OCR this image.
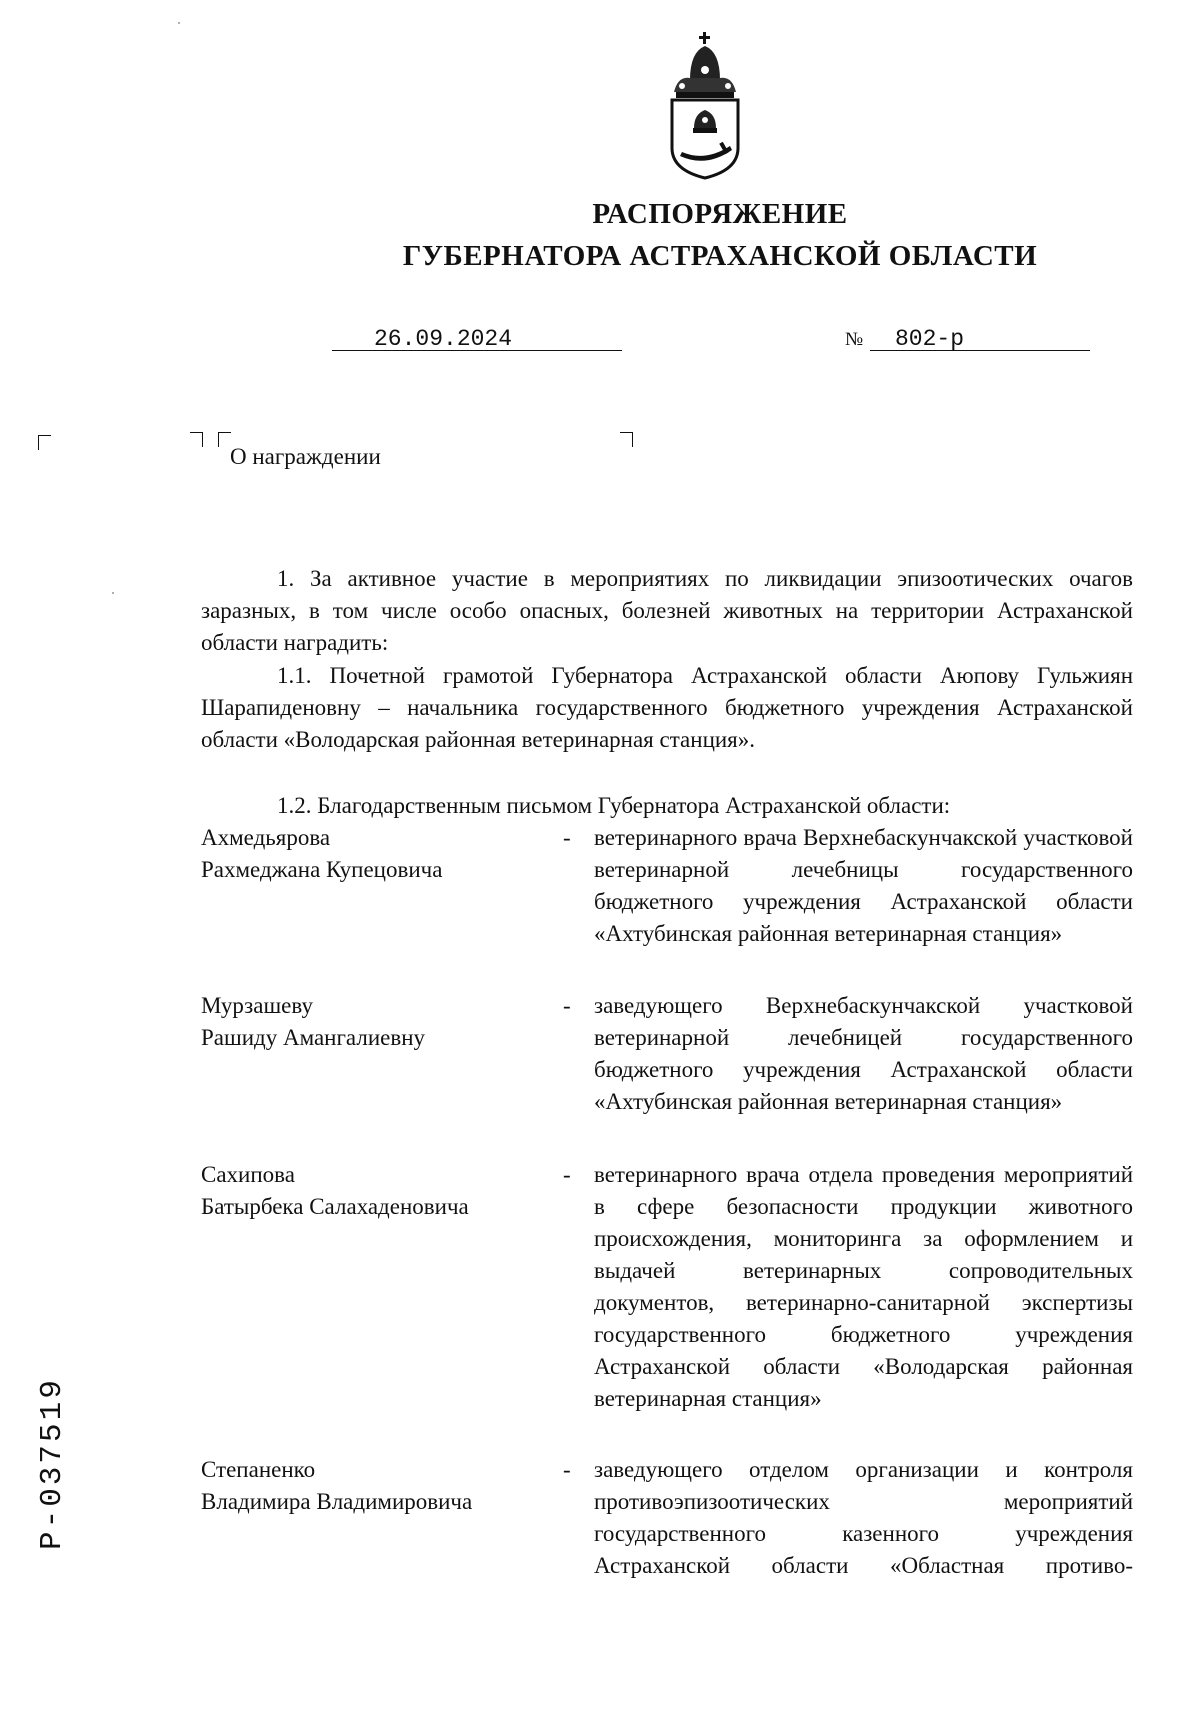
РАСПОРЯЖЕНИЕ
ГУБЕРНАТОРА АСТРАХАНСКОЙ ОБЛАСТИ
26.09.2024	№ 802-р
О награждении
1. За активное участие в мероприятиях по ликвидации эпизоотических очагов заразных, в том числе особо опасных, болезней животных на территории Астраханской области наградить:
1.1. Почетной грамотой Губернатора Астраханской области Аюпову Гульжиян Шарапиденовну – начальника государственного бюджетного учреждения Астраханской области «Володарская районная ветеринарная станция».
1.2. Благодарственным письмом Губернатора Астраханской области:
Ахмедьярова
Рахмеджана Купецовича
- ветеринарного врача Верхнебаскунчакской участковой ветеринарной лечебницы государственного бюджетного учреждения Астраханской области «Ахтубинская районная ветеринарная станция»
Мурзашеву
Рашиду Амангалиевну
- заведующего Верхнебаскунчакской участковой ветеринарной лечебницей государственного бюджетного учреждения Астраханской области «Ахтубинская районная ветеринарная станция»
Сахипова
Батырбека Салахаденовича
- ветеринарного врача отдела проведения мероприятий в сфере безопасности продукции животного происхождения, мониторинга за оформлением и выдачей ветеринарных сопроводительных документов, ветеринарно-санитарной экспертизы государственного бюджетного учреждения Астраханской области «Володарская районная ветеринарная станция»
Степаненко
Владимира Владимировича
- заведующего отделом организации и контроля противоэпизоотических мероприятий государственного казенного учреждения Астраханской области «Областная противо-
Р-037519
